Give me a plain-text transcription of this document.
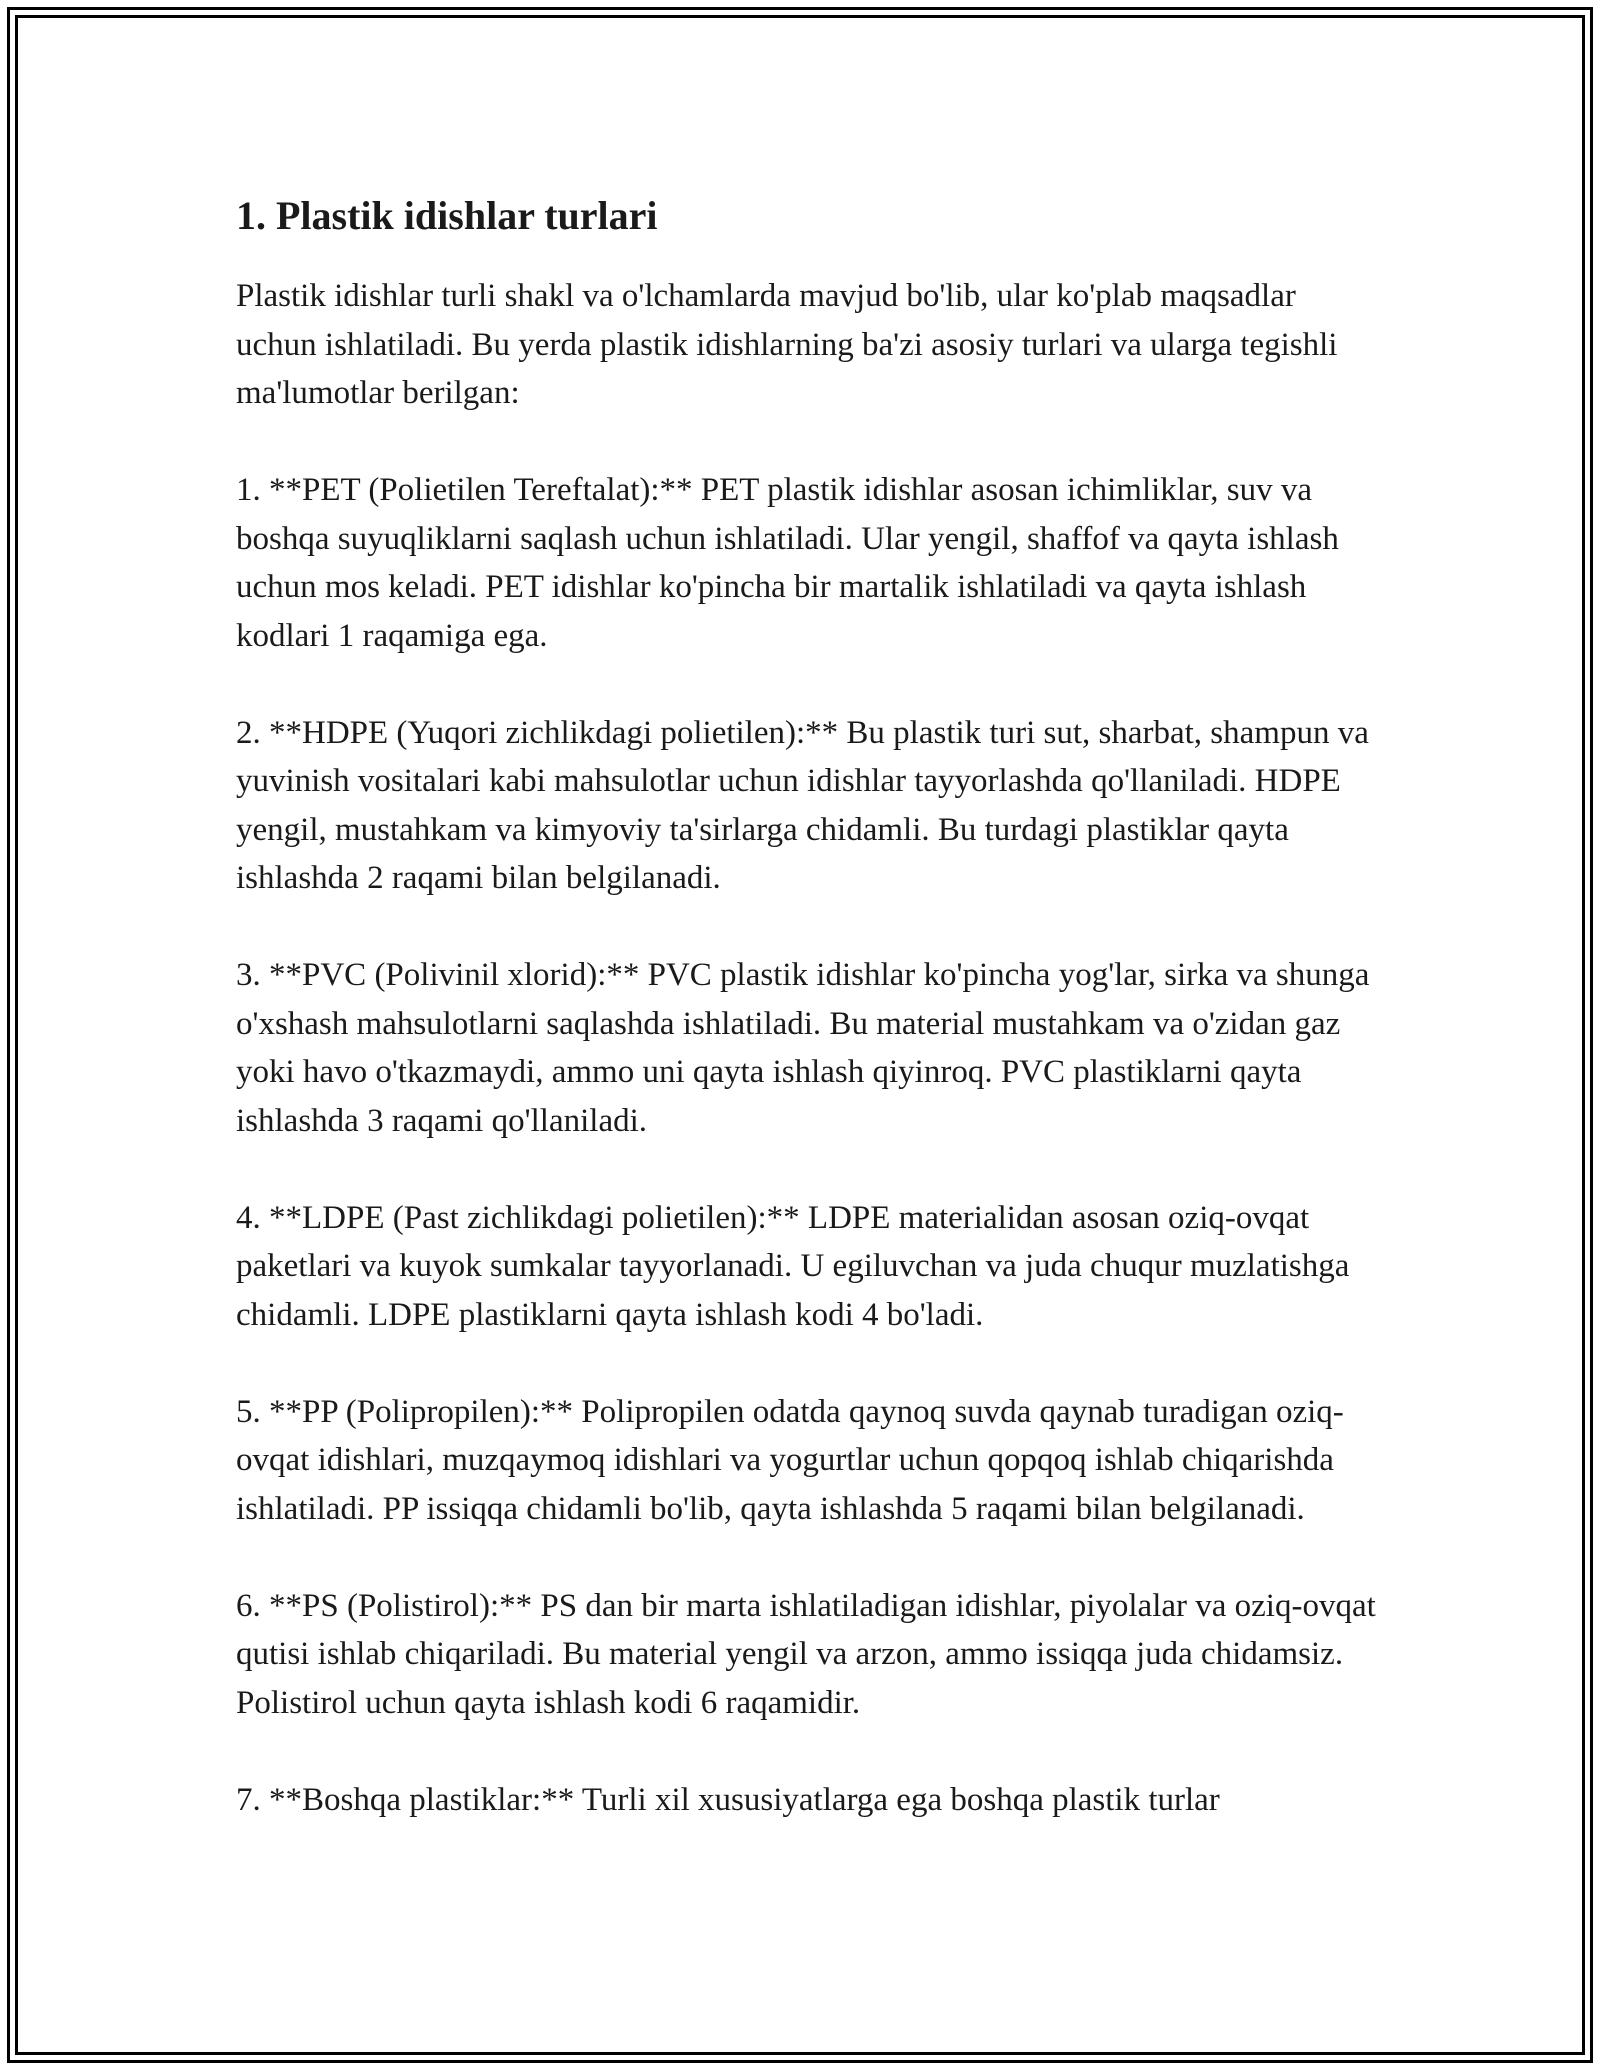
1. Plastik idishlar turlari

Plastik idishlar turli shakl va o'lchamlarda mavjud bo'lib, ular ko'plab maqsadlar uchun ishlatiladi. Bu yerda plastik idishlarning ba'zi asosiy turlari va ularga tegishli ma'lumotlar berilgan:

1. **PET (Polietilen Tereftalat):** PET plastik idishlar asosan ichimliklar, suv va boshqa suyuqliklarni saqlash uchun ishlatiladi. Ular yengil, shaffof va qayta ishlash uchun mos keladi. PET idishlar ko'pincha bir martalik ishlatiladi va qayta ishlash kodlari 1 raqamiga ega.

2. **HDPE (Yuqori zichlikdagi polietilen):** Bu plastik turi sut, sharbat, shampun va yuvinish vositalari kabi mahsulotlar uchun idishlar tayyorlashda qo'llaniladi. HDPE yengil, mustahkam va kimyoviy ta'sirlarga chidamli. Bu turdagi plastiklar qayta ishlashda 2 raqami bilan belgilanadi.

3. **PVC (Polivinil xlorid):** PVC plastik idishlar ko'pincha yog'lar, sirka va shunga o'xshash mahsulotlarni saqlashda ishlatiladi. Bu material mustahkam va o'zidan gaz yoki havo o'tkazmaydi, ammo uni qayta ishlash qiyinroq. PVC plastiklarni qayta ishlashda 3 raqami qo'llaniladi.

4. **LDPE (Past zichlikdagi polietilen):** LDPE materialidan asosan oziq-ovqat paketlari va kuyok sumkalar tayyorlanadi. U egiluvchan va juda chuqur muzlatishga chidamli. LDPE plastiklarni qayta ishlash kodi 4 bo'ladi.

5. **PP (Polipropilen):** Polipropilen odatda qaynoq suvda qaynab turadigan oziq-ovqat idishlari, muzqaymoq idishlari va yogurtlar uchun qopqoq ishlab chiqarishda ishlatiladi. PP issiqqa chidamli bo'lib, qayta ishlashda 5 raqami bilan belgilanadi.

6. **PS (Polistirol):** PS dan bir marta ishlatiladigan idishlar, piyolalar va oziq-ovqat qutisi ishlab chiqariladi. Bu material yengil va arzon, ammo issiqqa juda chidamsiz. Polistirol uchun qayta ishlash kodi 6 raqamidir.

7. **Boshqa plastiklar:** Turli xil xususiyatlarga ega boshqa plastik turlar
